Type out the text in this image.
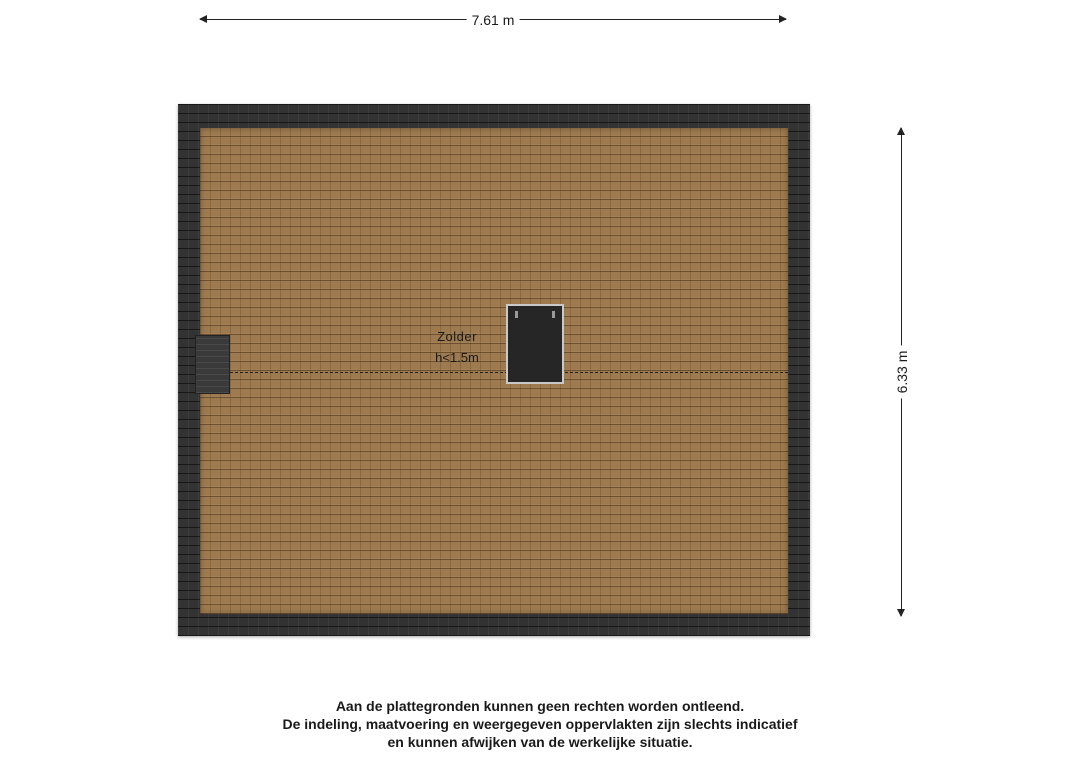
7.61 m
Zolder
h<1.5m	6.33 m
Aan de plattegronden kunnen geen rechten worden ontleend.
De indeling, maatvoering en weergegeven oppervlakten zijn slechts indicatief
en kunnen afwijken van de werkelijke situatie.
